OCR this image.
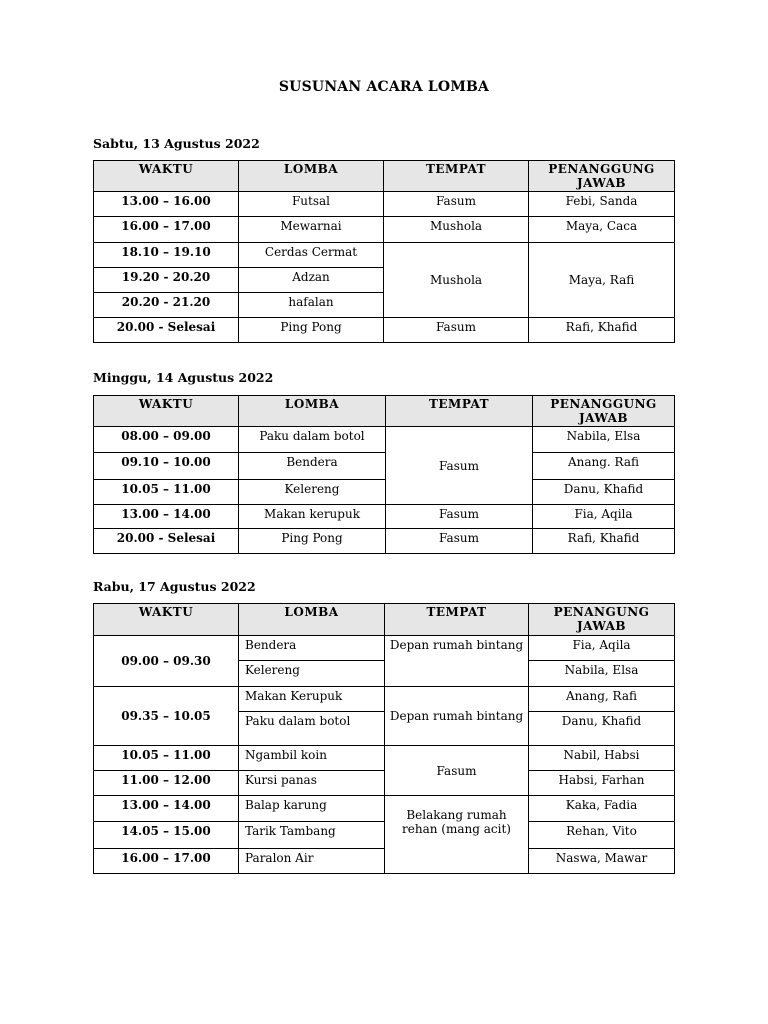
SUSUNAN ACARA LOMBA
Sabtu, 13 Agustus 2022
WAKTU	LOMBA	TEMPAT	PENANGGUNG JAWAB
13.00 – 16.00	Futsal	Fasum	Febi, Sanda
16.00 – 17.00	Mewarnai	Mushola	Maya, Caca
18.10 – 19.10	Cerdas Cermat	Mushola	Maya, Rafi
19.20 - 20.20	Adzan		
20.20 - 21.20	hafalan		
20.00 - Selesai	Ping Pong	Fasum	Rafi, Khafid
Minggu, 14 Agustus 2022
WAKTU	LOMBA	TEMPAT	PENANGGUNG JAWAB
08.00 – 09.00	Paku dalam botol	Fasum	Nabila, Elsa
09.10 – 10.00	Bendera		Anang. Rafi
10.05 – 11.00	Kelereng		Danu, Khafid
13.00 – 14.00	Makan kerupuk	Fasum	Fia, Aqila
20.00 - Selesai	Ping Pong	Fasum	Rafi, Khafid
Rabu, 17 Agustus 2022
WAKTU	LOMBA	TEMPAT	PENANGUNG JAWAB
09.00 – 09.30	Bendera	Depan rumah bintang	Fia, Aqila
	Kelereng		Nabila, Elsa
09.35 – 10.05	Makan Kerupuk	Depan rumah bintang	Anang, Rafi
	Paku dalam botol		Danu, Khafid
10.05 – 11.00	Ngambil koin	Fasum	Nabil, Habsi
11.00 – 12.00	Kursi panas		Habsi, Farhan
13.00 – 14.00	Balap karung	Belakang rumah rehan (mang acit)	Kaka, Fadia
14.05 – 15.00	Tarik Tambang		Rehan, Vito
16.00 – 17.00	Paralon Air		Naswa, Mawar
